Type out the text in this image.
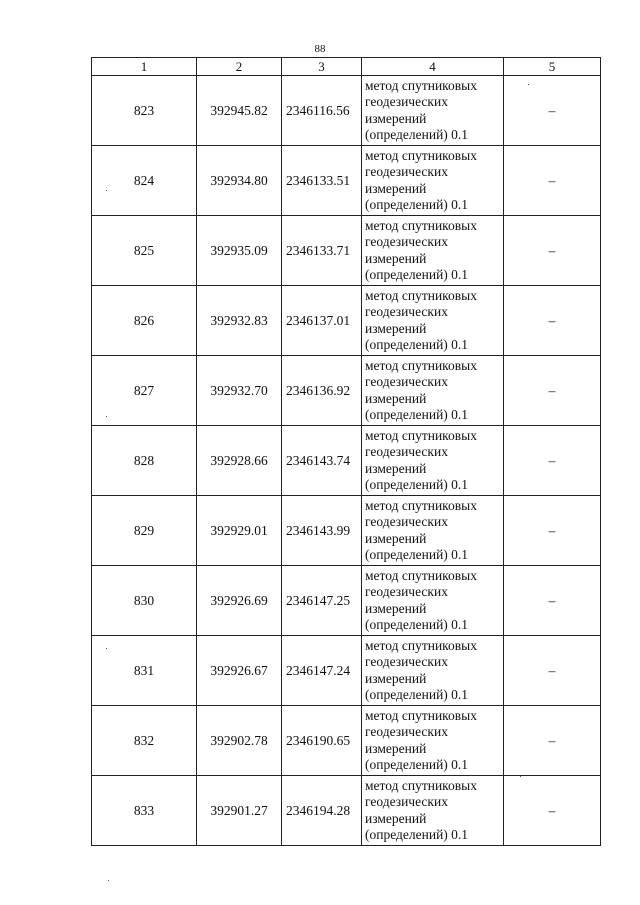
88
1	2	3	4	5
823	392945.82	2346116.56	метод спутниковых
геодезических
измерений
(определений) 0.1	–
824	392934.80	2346133.51	метод спутниковых
геодезических
измерений
(определений) 0.1	–
825	392935.09	2346133.71	метод спутниковых
геодезических
измерений
(определений) 0.1	–
826	392932.83	2346137.01	метод спутниковых
геодезических
измерений
(определений) 0.1	–
827	392932.70	2346136.92	метод спутниковых
геодезических
измерений
(определений) 0.1	–
828	392928.66	2346143.74	метод спутниковых
геодезических
измерений
(определений) 0.1	–
829	392929.01	2346143.99	метод спутниковых
геодезических
измерений
(определений) 0.1	–
830	392926.69	2346147.25	метод спутниковых
геодезических
измерений
(определений) 0.1	–
831	392926.67	2346147.24	метод спутниковых
геодезических
измерений
(определений) 0.1	–
832	392902.78	2346190.65	метод спутниковых
геодезических
измерений
(определений) 0.1	–
833	392901.27	2346194.28	метод спутниковых
геодезических
измерений
(определений) 0.1	–
